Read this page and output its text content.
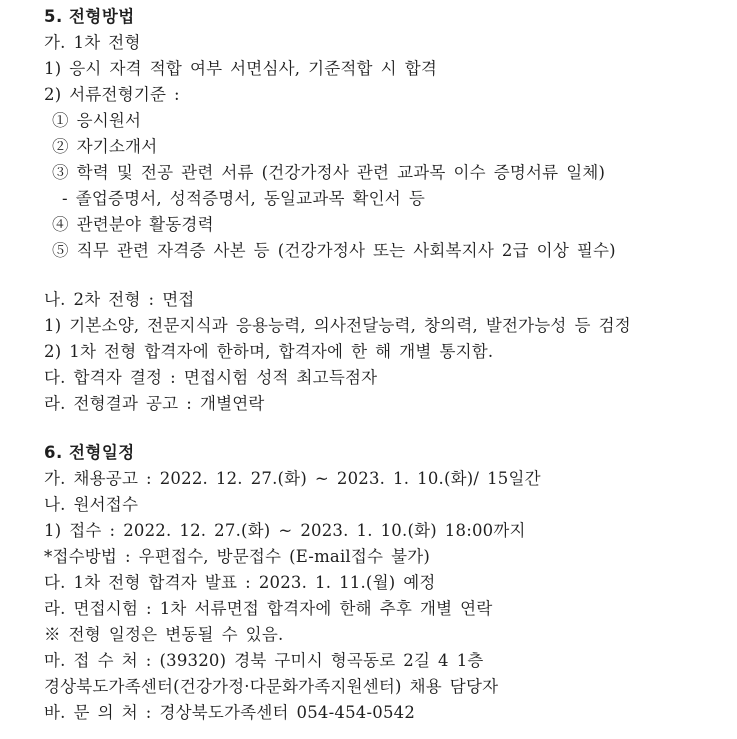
5. 전형방법
가. 1차 전형
1) 응시 자격 적합 여부 서면심사, 기준적합 시 합격
2) 서류전형기준 :
① 응시원서
② 자기소개서
③ 학력 및 전공 관련 서류 (건강가정사 관련 교과목 이수 증명서류 일체)
- 졸업증명서, 성적증명서, 동일교과목 확인서 등
④ 관련분야 활동경력
⑤ 직무 관련 자격증 사본 등 (건강가정사 또는 사회복지사 2급 이상 필수)
나. 2차 전형 : 면접
1) 기본소양, 전문지식과 응용능력, 의사전달능력, 창의력, 발전가능성 등 검정
2) 1차 전형 합격자에 한하며, 합격자에 한 해 개별 통지함.
다. 합격자 결정 : 면접시험 성적 최고득점자
라. 전형결과 공고 : 개별연락
6. 전형일정
가. 채용공고 : 2022. 12. 27.(화) ~ 2023. 1. 10.(화)/ 15일간
나. 원서접수
1) 접수 : 2022. 12. 27.(화) ~ 2023. 1. 10.(화) 18:00까지
*접수방법 : 우편접수, 방문접수 (E-mail접수 불가)
다. 1차 전형 합격자 발표 : 2023. 1. 11.(월) 예정
라. 면접시험 : 1차 서류면접 합격자에 한해 추후 개별 연락
※ 전형 일정은 변동될 수 있음.
마. 접 수 처 : (39320) 경북 구미시 형곡동로 2길 4 1층
경상북도가족센터(건강가정·다문화가족지원센터) 채용 담당자
바. 문 의 처 : 경상북도가족센터 054-454-0542
